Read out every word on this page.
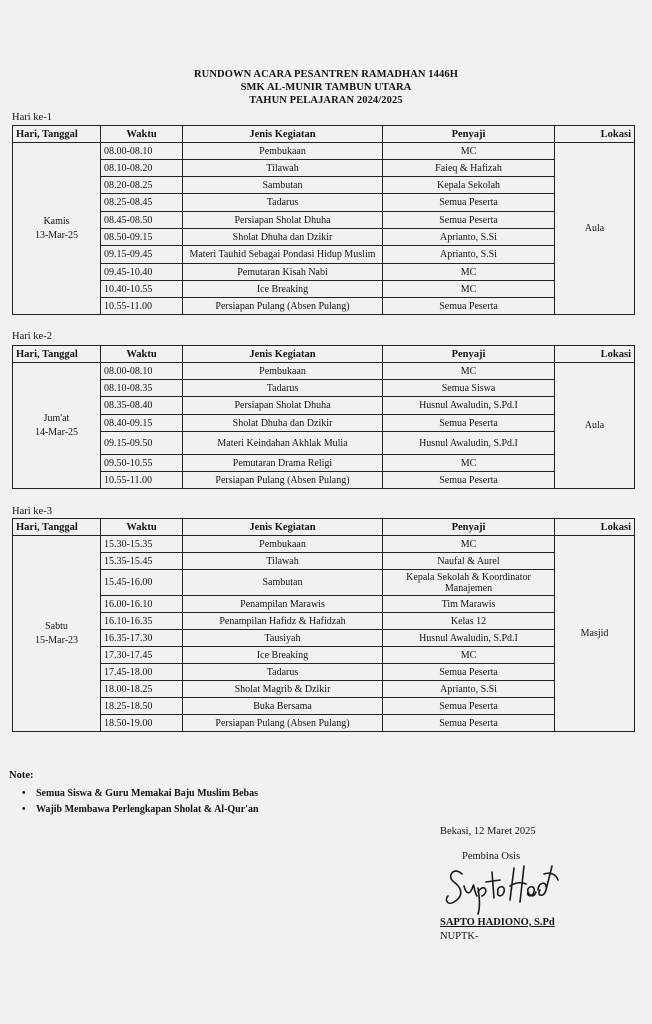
RUNDOWN ACARA PESANTREN RAMADHAN 1446H
SMK AL-MUNIR TAMBUN UTARA
TAHUN PELAJARAN 2024/2025
Hari ke-1
Hari, Tanggal	Waktu	Jenis Kegiatan	Penyaji	Lokasi

Kamis
13-Mar-25	08.00-08.10	Pembukaan	MC	Aula
	08.10-08.20	Tilawah	Faieq & Hafizah	
	08.20-08.25	Sambutan	Kepala Sekolah	
	08.25-08.45	Tadarus	Semua Peserta	
	08.45-08.50	Persiapan Sholat Dhuha	Semua Peserta	
	08.50-09.15	Sholat Dhuha dan Dzikir	Aprianto, S.Si	
	09.15-09.45	Materi Tauhid Sebagai Pondasi Hidup Muslim	Aprianto, S.Si	
	09.45-10.40	Pemutaran Kisah Nabi	MC	
	10.40-10.55	Ice Breaking	MC	
	10.55-11.00	Persiapan Pulang (Absen Pulang)	Semua Peserta	
Hari ke-2
Hari, Tanggal	Waktu	Jenis Kegiatan	Penyaji	Lokasi

Jum'at
14-Mar-25	08.00-08.10	Pembukaan	MC	Aula
	08.10-08.35	Tadarus	Semua Siswa	
	08.35-08.40	Persiapan Sholat Dhuha	Husnul Awaludin, S.Pd.I	
	08.40-09.15	Sholat Dhuha dan Dzikir	Semua Peserta	
	09.15-09.50	Materi Keindahan Akhlak Mulia	Husnul Awaludin, S.Pd.I	
	09.50-10.55	Pemutaran Drama Religi	MC	
	10.55-11.00	Persiapan Pulang (Absen Pulang)	Semua Peserta	
Hari ke-3
Hari, Tanggal	Waktu	Jenis Kegiatan	Penyaji	Lokasi

Sabtu
15-Mar-23	15.30-15.35	Pembukaan	MC	Masjid
	15.35-15.45	Tilawah	Naufal & Aurel	
	15.45-16.00	Sambutan	Kepala Sekolah & Koordinator Manajemen	
	16.00-16.10	Penampilan Marawis	Tim Marawis	
	16.10-16.35	Penampilan Hafidz & Hafidzah	Kelas 12	
	16.35-17.30	Tausiyah	Husnul Awaludin, S.Pd.I	
	17.30-17.45	Ice Breaking	MC	
	17.45-18.00	Tadarus	Semua Peserta	
	18.00-18.25	Sholat Magrib & Dzikir	Aprianto, S.Si	
	18.25-18.50	Buka Bersama	Semua Peserta	
	18.50-19.00	Persiapan Pulang (Absen Pulang)	Semua Peserta	
Note:
• Semua Siswa & Guru Memakai Baju Muslim Bebas
• Wajib Membawa Perlengkapan Sholat & Al-Qur'an
Bekasi, 12 Maret 2025
Pembina Osis
SAPTO HADIONO, S.Pd
NUPTK-
